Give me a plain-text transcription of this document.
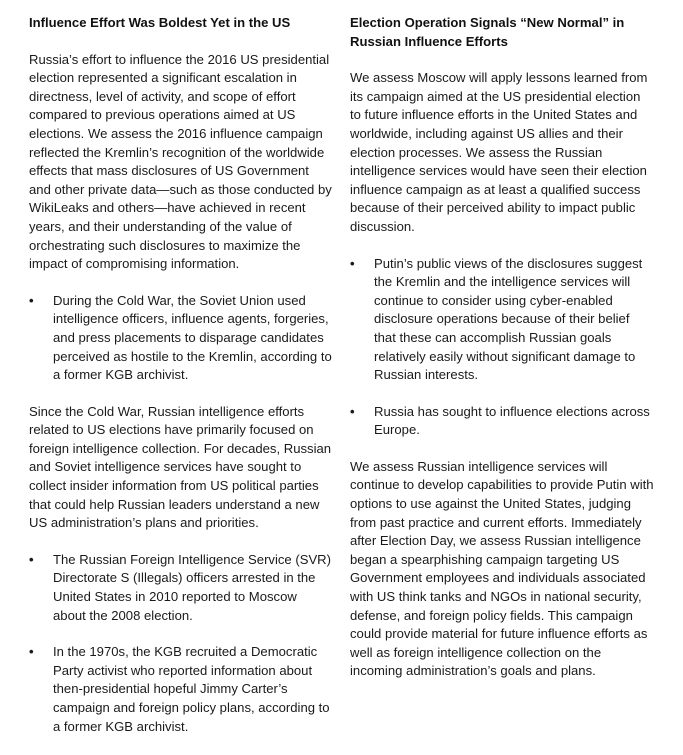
Influence Effort Was Boldest Yet in the US

Russia’s effort to influence the 2016 US presidential election represented a significant escalation in directness, level of activity, and scope of effort compared to previous operations aimed at US elections. We assess the 2016 influence campaign reflected the Kremlin’s recognition of the worldwide effects that mass disclosures of US Government and other private data—such as those conducted by WikiLeaks and others—have achieved in recent years, and their understanding of the value of orchestrating such disclosures to maximize the impact of compromising information.

•	During the Cold War, the Soviet Union used intelligence officers, influence agents, forgeries, and press placements to disparage candidates perceived as hostile to the Kremlin, according to a former KGB archivist.

Since the Cold War, Russian intelligence efforts related to US elections have primarily focused on foreign intelligence collection. For decades, Russian and Soviet intelligence services have sought to collect insider information from US political parties that could help Russian leaders understand a new US administration’s plans and priorities.

•	The Russian Foreign Intelligence Service (SVR) Directorate S (Illegals) officers arrested in the United States in 2010 reported to Moscow about the 2008 election.
•	In the 1970s, the KGB recruited a Democratic Party activist who reported information about then-presidential hopeful Jimmy Carter’s campaign and foreign policy plans, according to a former KGB archivist.
Election Operation Signals “New Normal” in Russian Influence Efforts

We assess Moscow will apply lessons learned from its campaign aimed at the US presidential election to future influence efforts in the United States and worldwide, including against US allies and their election processes. We assess the Russian intelligence services would have seen their election influence campaign as at least a qualified success because of their perceived ability to impact public discussion.

•	Putin’s public views of the disclosures suggest the Kremlin and the intelligence services will continue to consider using cyber-enabled disclosure operations because of their belief that these can accomplish Russian goals relatively easily without significant damage to Russian interests.
•	Russia has sought to influence elections across Europe.

We assess Russian intelligence services will continue to develop capabilities to provide Putin with options to use against the United States, judging from past practice and current efforts. Immediately after Election Day, we assess Russian intelligence began a spearphishing campaign targeting US Government employees and individuals associated with US think tanks and NGOs in national security, defense, and foreign policy fields. This campaign could provide material for future influence efforts as well as foreign intelligence collection on the incoming administration’s goals and plans.
